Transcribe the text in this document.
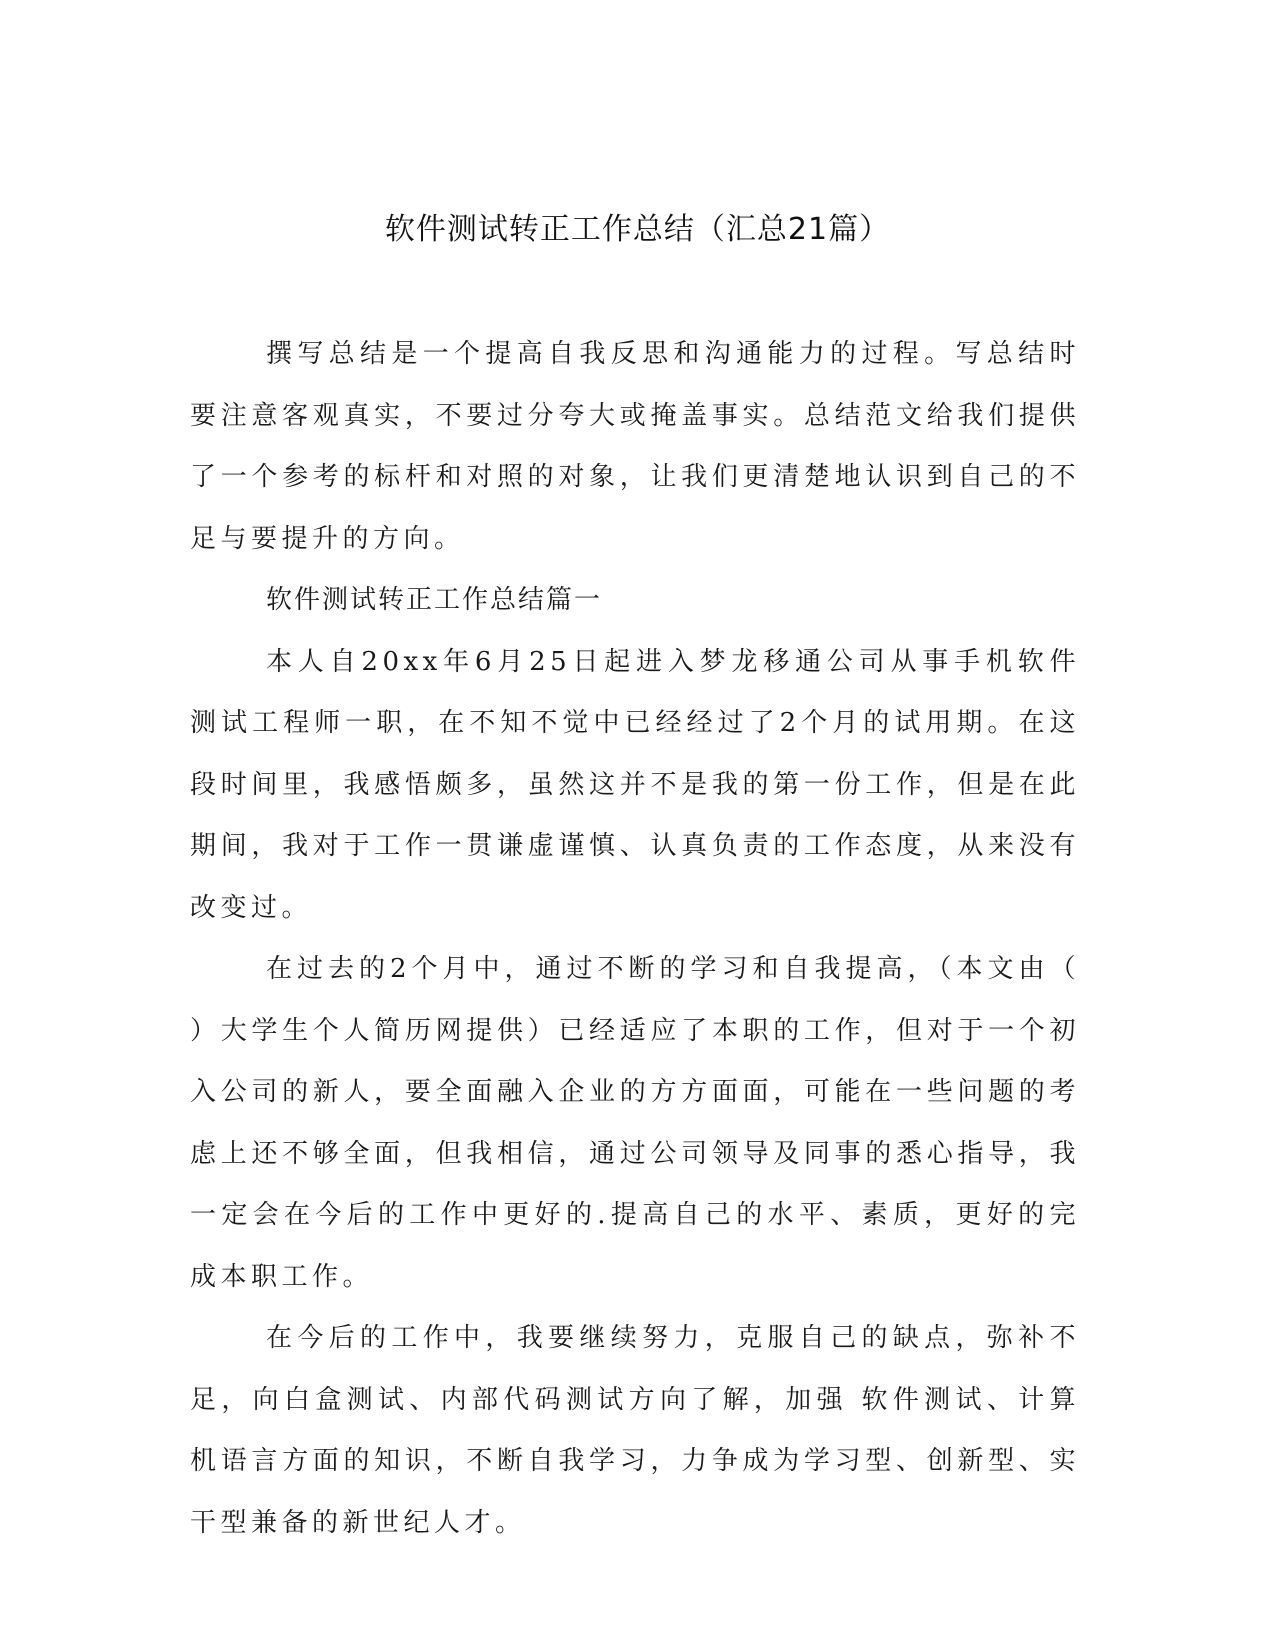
软件测试转正工作总结（汇总21篇）

撰写总结是一个提高自我反思和沟通能力的过程。写总结时要注意客观真实，不要过分夸大或掩盖事实。总结范文给我们提供了一个参考的标杆和对照的对象，让我们更清楚地认识到自己的不足与要提升的方向。

软件测试转正工作总结篇一

本人自20xx年6月25日起进入梦龙移通公司从事手机软件测试工程师一职，在不知不觉中已经经过了2个月的试用期。在这段时间里，我感悟颇多，虽然这并不是我的第一份工作，但是在此期间，我对于工作一贯谦虚谨慎、认真负责的工作态度，从来没有改变过。

在过去的2个月中，通过不断的学习和自我提高，（本文由（　　）大学生个人简历网提供）已经适应了本职的工作，但对于一个初入公司的新人，要全面融入企业的方方面面，可能在一些问题的考虑上还不够全面，但我相信，通过公司领导及同事的悉心指导，我一定会在今后的工作中更好的.提高自己的水平、素质，更好的完成本职工作。

在今后的工作中，我要继续努力，克服自己的缺点，弥补不足，向白盒测试、内部代码测试方向了解，加强 软件测试、计算机语言方面的知识，不断自我学习，力争成为学习型、创新型、实干型兼备的新世纪人才。
